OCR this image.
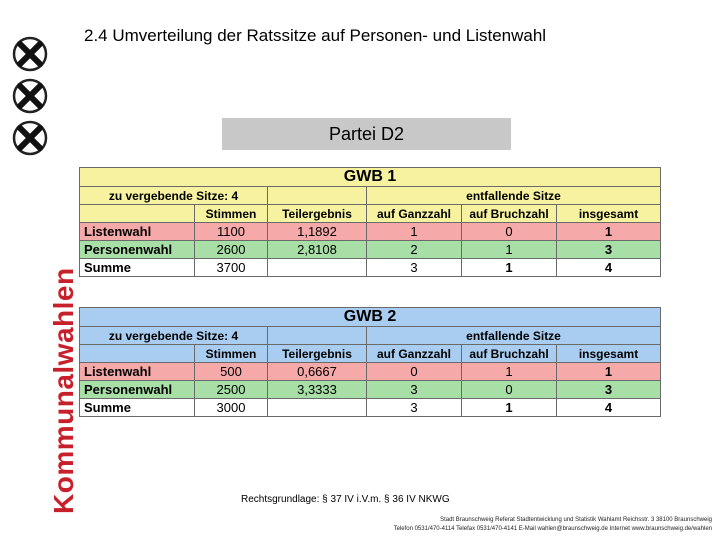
Kommunalwahlen
2.4 Umverteilung der Ratssitze auf Personen- und Listenwahl
Partei D2
GWB 1					
zu vergebende Sitze: 4			entfallende Sitze		
	Stimmen	Teilergebnis	auf Ganzzahl	auf Bruchzahl	insgesamt
Listenwahl	1100	1,1892	1	0	1
Personenwahl	2600	2,8108	2	1	3
Summe	3700		3	1	4
GWB 2					
zu vergebende Sitze: 4			entfallende Sitze		
	Stimmen	Teilergebnis	auf Ganzzahl	auf Bruchzahl	insgesamt
Listenwahl	500	0,6667	0	1	1
Personenwahl	2500	3,3333	3	0	3
Summe	3000		3	1	4
Rechtsgrundlage: § 37 IV i.V.m. § 36 IV NKWG
Stadt Braunschweig Referat Stadtentwicklung und Statistik Wahlamt Reichsstr. 3 38100 Braunschweig
Telefon 0531/470-4114 Telefax 0531/470-4141 E-Mail wahlen@braunschweig.de Internet www.braunschweig.de/wahlen
